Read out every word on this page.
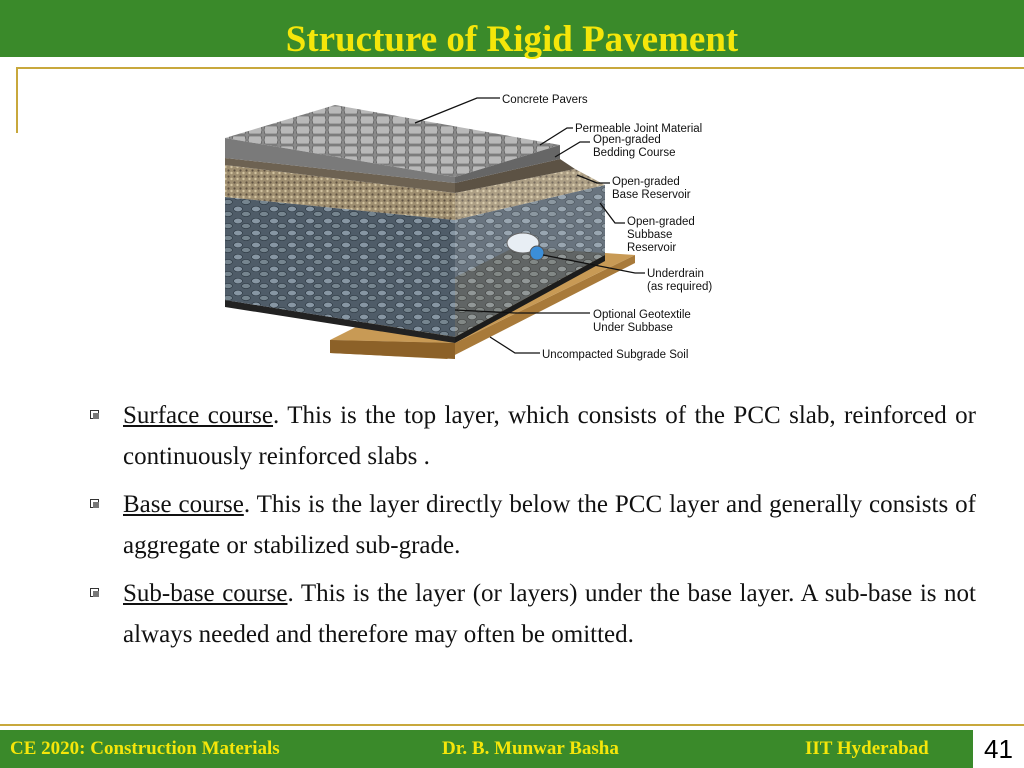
Structure of Rigid Pavement
Concrete Pavers
Permeable Joint Material
Open-graded
Bedding Course
Open-graded
Base Reservoir
Open-graded
Subbase
Reservoir
Underdrain
(as required)
Optional Geotextile
Under Subbase
Uncompacted Subgrade Soil
Surface course. This is the top layer, which consists of the PCC slab, reinforced or continuously reinforced slabs .
Base course. This is the layer directly below the PCC layer and generally consists of aggregate or stabilized sub-grade.
Sub-base course. This is the layer (or layers) under the base layer. A sub-base is not always needed and therefore may often be omitted.
CE 2020: Construction Materials	Dr. B. Munwar Basha	IIT Hyderabad	41
